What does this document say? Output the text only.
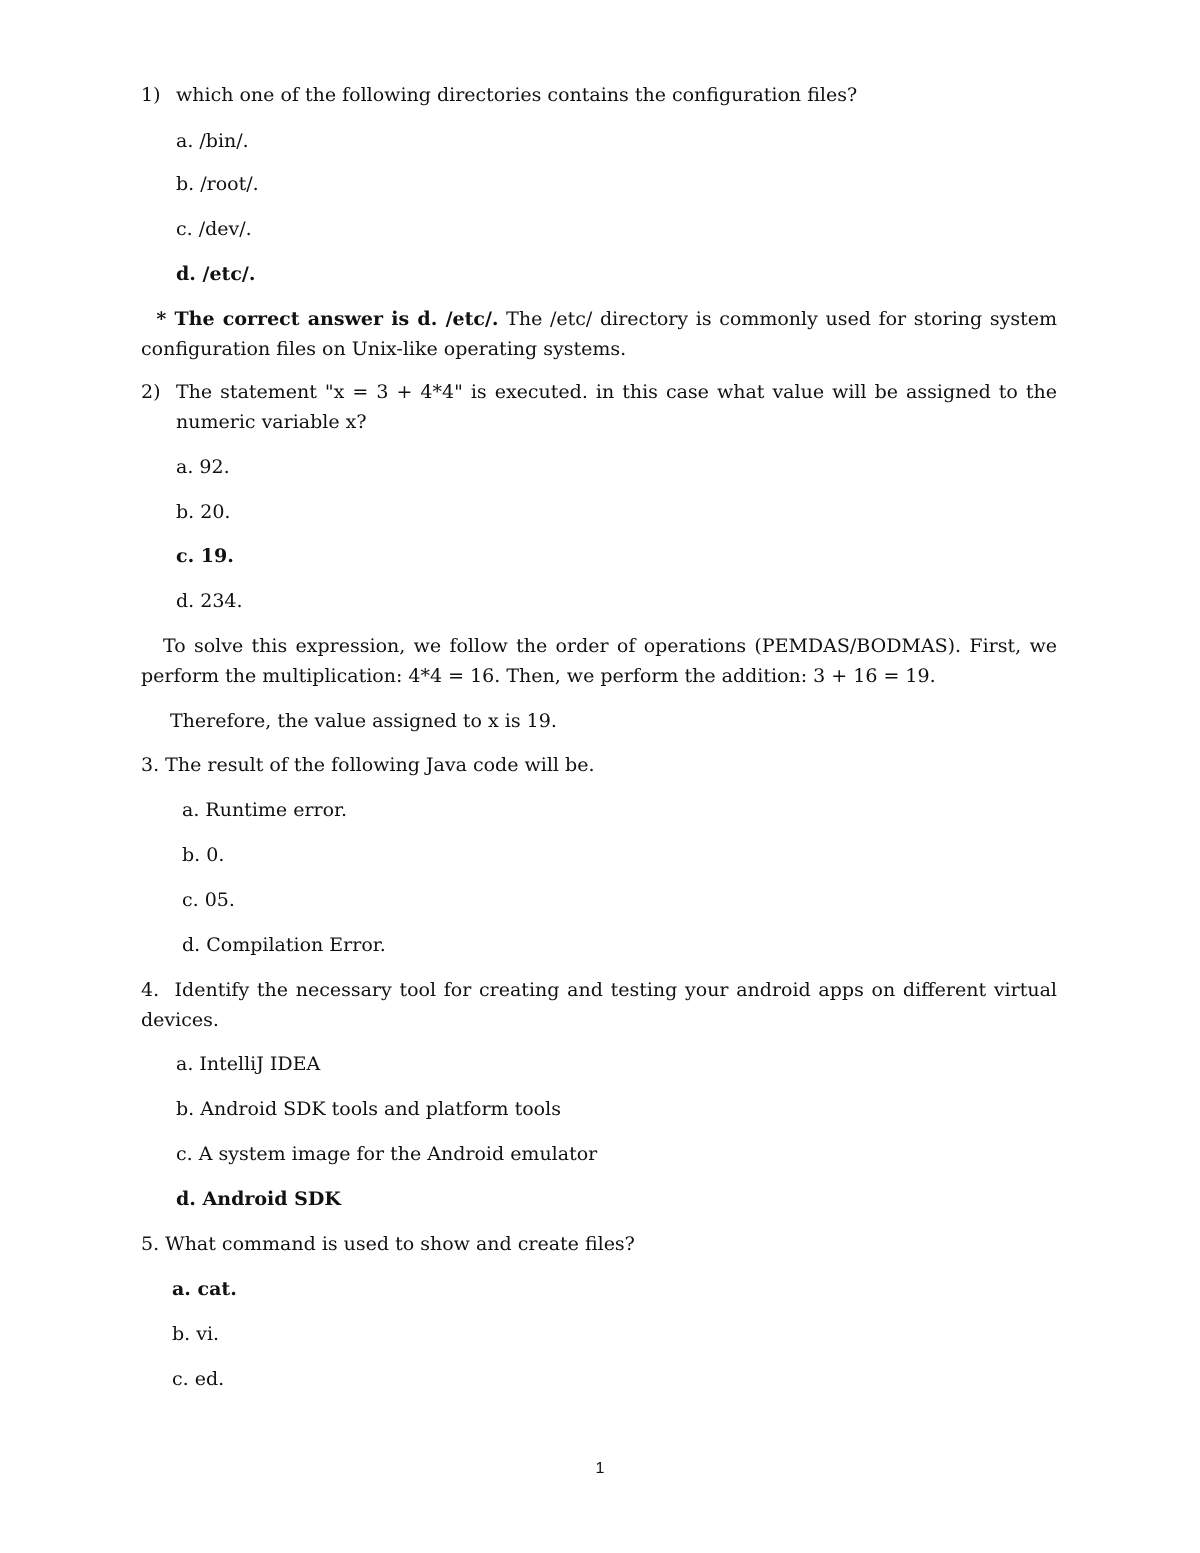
1) which one of the following directories contains the configuration files?
a. /bin/.
b. /root/.
c. /dev/.
d. /etc/.
* The correct answer is d. /etc/. The /etc/ directory is commonly used for storing system configuration files on Unix-like operating systems.
2) The statement "x = 3 + 4*4" is executed. in this case what value will be assigned to the numeric variable x?
a. 92.
b. 20.
c. 19.
d. 234.
To solve this expression, we follow the order of operations (PEMDAS/BODMAS). First, we perform the multiplication: 4*4 = 16. Then, we perform the addition: 3 + 16 = 19.
Therefore, the value assigned to x is 19.
3. The result of the following Java code will be.
a. Runtime error.
b. 0.
c. 05.
d. Compilation Error.
4.  Identify the necessary tool for creating and testing your android apps on different virtual devices.
a. IntelliJ IDEA
b. Android SDK tools and platform tools
c. A system image for the Android emulator
d. Android SDK
5. What command is used to show and create files?
a. cat.
b. vi.
c. ed.
1
